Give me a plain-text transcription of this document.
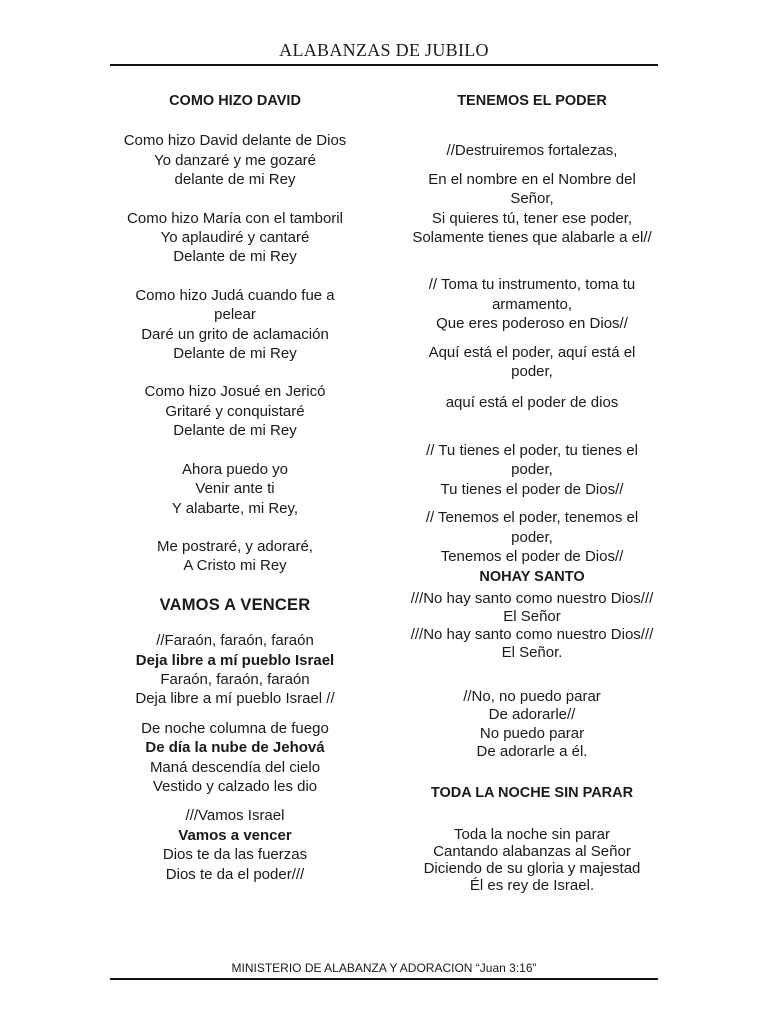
ALABANZAS DE JUBILO
COMO HIZO DAVID
Como hizo David delante de Dios
Yo danzaré y me gozaré
delante de mi Rey
Como hizo María con el tamboril
Yo aplaudiré y cantaré
Delante de mi Rey
Como hizo Judá cuando fue a pelear
Daré un grito de aclamación
Delante de mi Rey
Como hizo Josué en Jericó
Gritaré y conquistaré
Delante de mi Rey
Ahora puedo yo
Venir ante ti
Y alabarte, mi Rey,
Me postraré, y adoraré,
A Cristo mi Rey
VAMOS A VENCER
//Faraón, faraón, faraón
Deja libre a mí pueblo Israel
Faraón, faraón, faraón
Deja libre a mí pueblo Israel //
De noche columna de fuego
De día la nube de Jehová
Maná descendía del cielo
Vestido y calzado les dio
///Vamos Israel
Vamos a vencer
Dios te da las fuerzas
Dios te da el poder///
TENEMOS EL PODER
//Destruiremos fortalezas,
En el nombre en el Nombre del Señor,
Si quieres tú, tener ese poder,
Solamente tienes que alabarle a el//
// Toma tu instrumento, toma tu armamento,
Que eres poderoso en Dios//
Aquí está el poder, aquí está el poder,
aquí está el poder de dios
// Tu tienes el poder, tu tienes el poder,
Tu tienes el poder de Dios//
// Tenemos el poder, tenemos el poder,
Tenemos el poder de Dios//
NOHAY SANTO
///No hay santo como nuestro Dios///
El Señor
///No hay santo como nuestro Dios///
El Señor.
//No, no puedo parar
De adorarle//
No puedo parar
De adorarle a él.
TODA LA NOCHE SIN PARAR
Toda la noche sin parar
Cantando alabanzas al Señor
Diciendo de su gloria y majestad
Él es rey de Israel.
MINISTERIO DE ALABANZA Y ADORACION “Juan 3:16”
